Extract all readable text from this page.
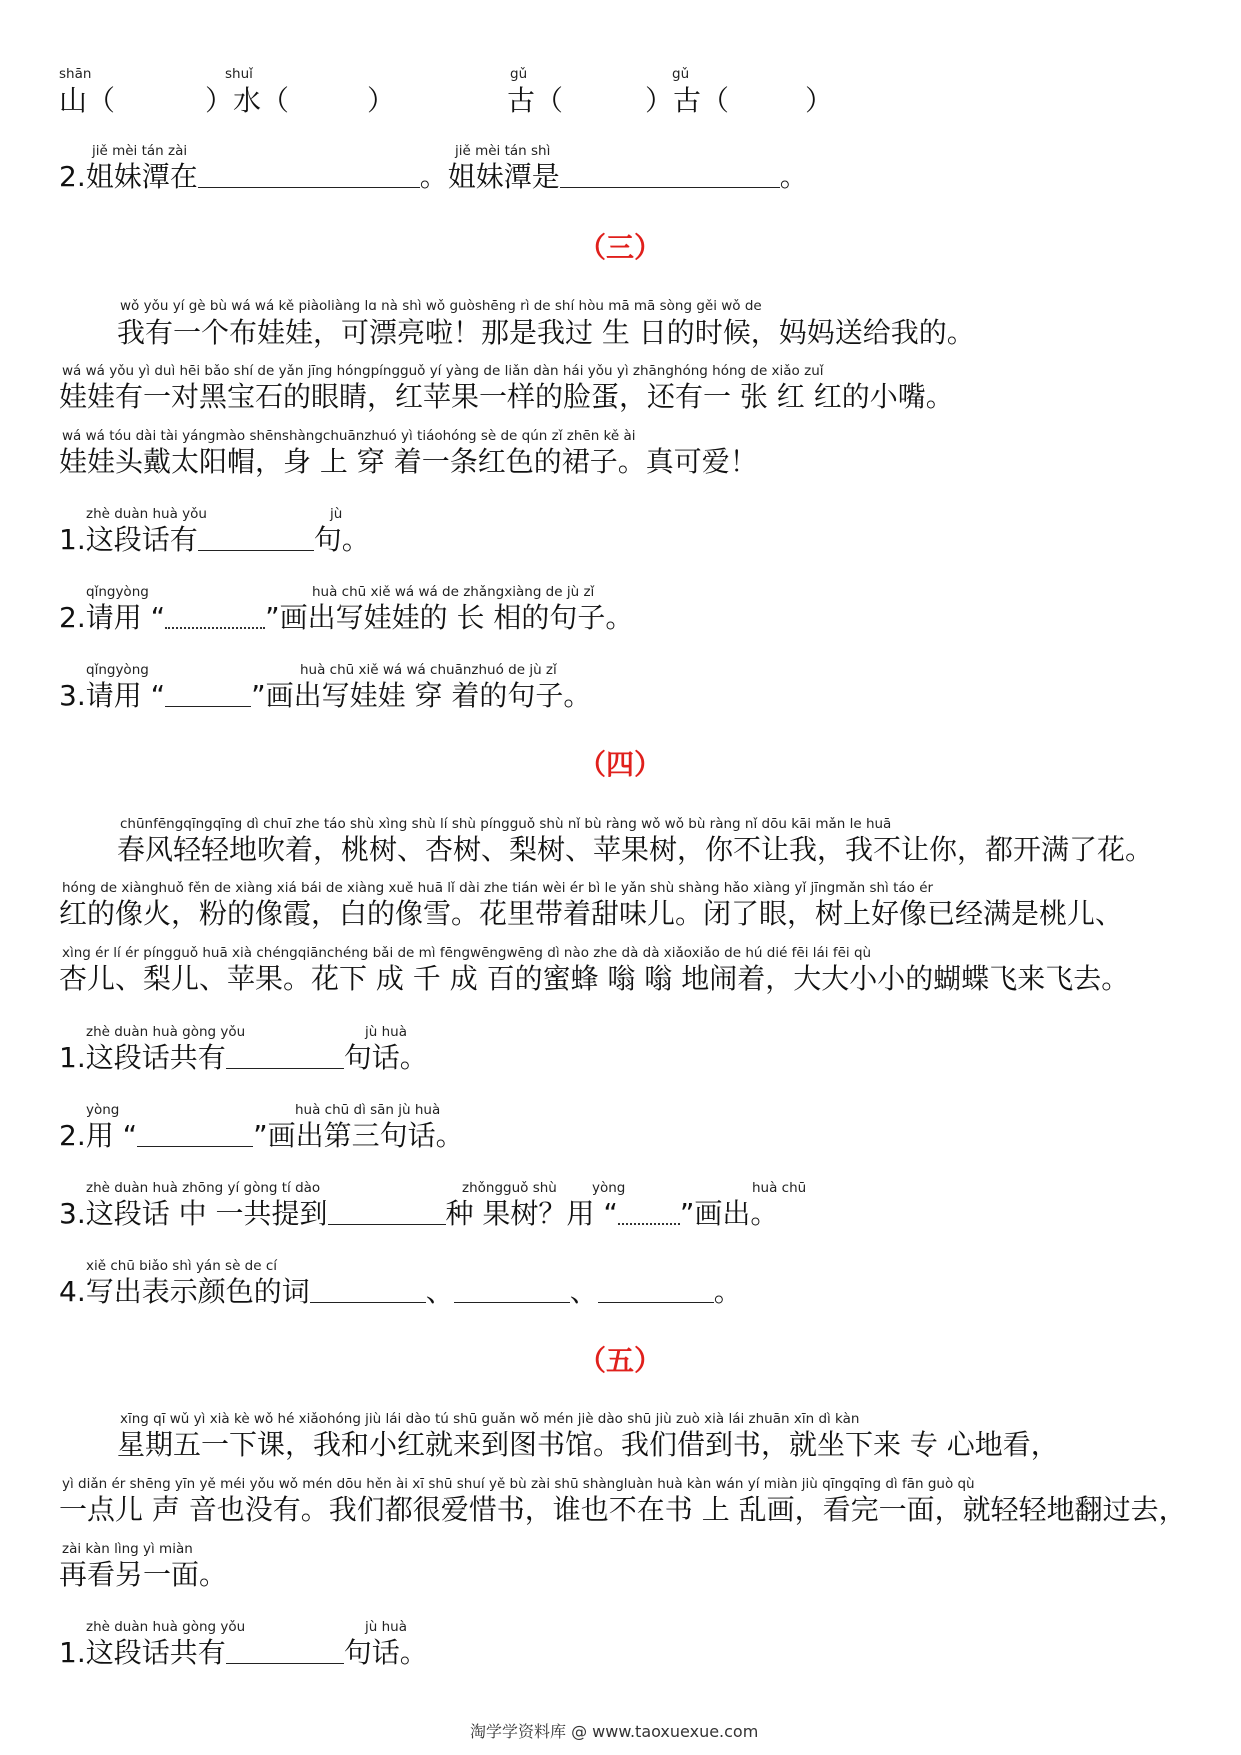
shān	shuǐ	gǔ	gǔ
山（	）水（	）	古（	）古（	）
jiě mèi tán zài	jiě mèi tán shì
2.姐妹潭在	。姐妹潭是	。
（三）
wǒ yǒu yí gè bù wá wá kě piàoliàng lɑ nà shì wǒ guòshēng rì de shí hòu mā mā sòng gěi wǒ de
我有一个布娃娃，可漂亮啦！那是我过 生 日的时候，妈妈送给我的。
wá wá yǒu yì duì hēi bǎo shí de yǎn jīng hóngpíngguǒ yí yàng de liǎn dàn hái yǒu yì zhānghóng hóng de xiǎo zuǐ
娃娃有一对黑宝石的眼睛，红苹果一样的脸蛋，还有一 张 红 红的小嘴。
wá wá tóu dài tài yángmào shēnshàngchuānzhuó yì tiáohóng sè de qún zǐ zhēn kě ài
娃娃头戴太阳帽，身 上 穿 着一条红色的裙子。真可爱！
zhè duàn huà yǒu	jù
1.这段话有	句。
qǐngyòng	huà chū xiě wá wá de zhǎngxiàng de jù zǐ
2.请用 “	”画出写娃娃的 长 相的句子。
qǐngyòng	huà chū xiě wá wá chuānzhuó de jù zǐ
3.请用 “	”画出写娃娃 穿 着的句子。
（四）
chūnfēngqīngqīng dì chuī zhe táo shù xìng shù lí shù píngguǒ shù nǐ bù ràng wǒ wǒ bù ràng nǐ dōu kāi mǎn le huā
春风轻轻地吹着，桃树、杏树、梨树、苹果树，你不让我，我不让你，都开满了花。
hóng de xiànghuǒ fěn de xiàng xiá bái de xiàng xuě huā lǐ dài zhe tián wèi ér bì le yǎn shù shàng hǎo xiàng yǐ jīngmǎn shì táo ér
红的像火，粉的像霞，白的像雪。花里带着甜味儿。闭了眼，树上好像已经满是桃儿、
xìng ér lí ér píngguǒ huā xià chéngqiānchéng bǎi de mì fēngwēngwēng dì nào zhe dà dà xiǎoxiǎo de hú dié fēi lái fēi qù
杏儿、梨儿、苹果。花下 成 千 成 百的蜜蜂 嗡 嗡 地闹着，大大小小的蝴蝶飞来飞去。
zhè duàn huà gòng yǒu	jù huà
1.这段话共有	句话。
yòng	huà chū dì sān jù huà
2.用 “	”画出第三句话。
zhè duàn huà zhōng yí gòng tí dào	zhǒngguǒ shù	yòng	huà chū
3.这段话 中 一共提到	种 果树？用 “ ”画出。
xiě chū biǎo shì yán sè de cí
4.写出表示颜色的词	、	、	。
（五）
xīng qī wǔ yì xià kè wǒ hé xiǎohóng jiù lái dào tú shū guǎn wǒ mén jiè dào shū jiù zuò xià lái zhuān xīn dì kàn
星期五一下课，我和小红就来到图书馆。我们借到书，就坐下来 专 心地看，
yì diǎn ér shēng yīn yě méi yǒu wǒ mén dōu hěn ài xī shū shuí yě bù zài shū shàngluàn huà kàn wán yí miàn jiù qīngqīng dì fān guò qù
一点儿 声 音也没有。我们都很爱惜书，谁也不在书 上 乱画，看完一面，就轻轻地翻过去，
zài kàn lìng yì miàn
再看另一面。
zhè duàn huà gòng yǒu	jù huà
1.这段话共有	句话。
淘学学资料库 @ www.taoxuexue.com
